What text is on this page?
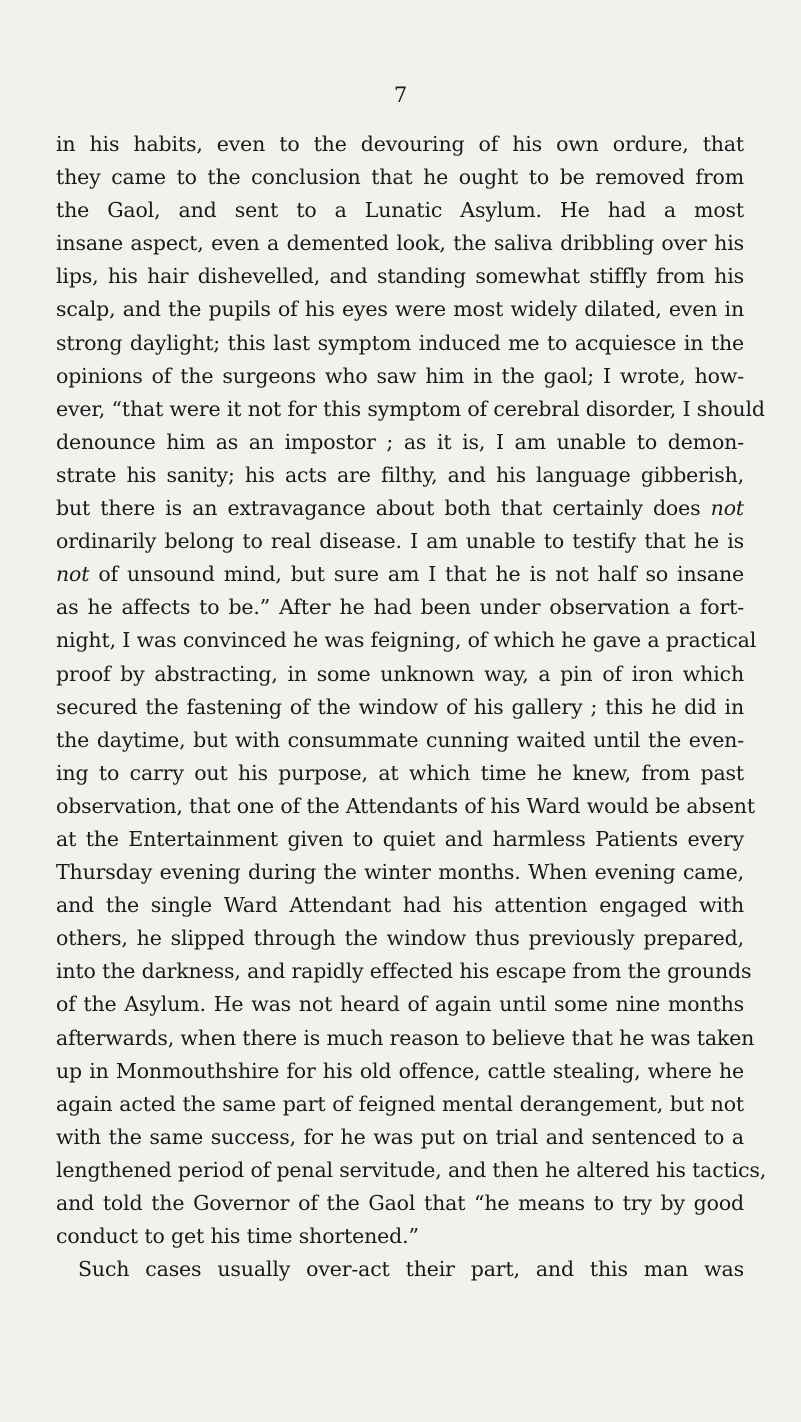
7
in his habits, even to the devouring of his own ordure, that
they came to the conclusion that he ought to be removed from
the Gaol, and sent to a Lunatic Asylum. He had a most
insane aspect, even a demented look, the saliva dribbling over his
lips, his hair dishevelled, and standing somewhat stiffly from his
scalp, and the pupils of his eyes were most widely dilated, even in
strong daylight; this last symptom induced me to acquiesce in the
opinions of the surgeons who saw him in the gaol; I wrote, how-
ever, “that were it not for this symptom of cerebral disorder, I should
denounce him as an impostor ; as it is, I am unable to demon-
strate his sanity; his acts are filthy, and his language gibberish,
but there is an extravagance about both that certainly does not
ordinarily belong to real disease. I am unable to testify that he is
not of unsound mind, but sure am I that he is not half so insane
as he affects to be.” After he had been under observation a fort-
night, I was convinced he was feigning, of which he gave a practical
proof by abstracting, in some unknown way, a pin of iron which
secured the fastening of the window of his gallery ; this he did in
the daytime, but with consummate cunning waited until the even-
ing to carry out his purpose, at which time he knew, from past
observation, that one of the Attendants of his Ward would be absent
at the Entertainment given to quiet and harmless Patients every
Thursday evening during the winter months. When evening came,
and the single Ward Attendant had his attention engaged with
others, he slipped through the window thus previously prepared,
into the darkness, and rapidly effected his escape from the grounds
of the Asylum. He was not heard of again until some nine months
afterwards, when there is much reason to believe that he was taken
up in Monmouthshire for his old offence, cattle stealing, where he
again acted the same part of feigned mental derangement, but not
with the same success, for he was put on trial and sentenced to a
lengthened period of penal servitude, and then he altered his tactics,
and told the Governor of the Gaol that “he means to try by good
conduct to get his time shortened.”
Such cases usually over-act their part, and this man was
